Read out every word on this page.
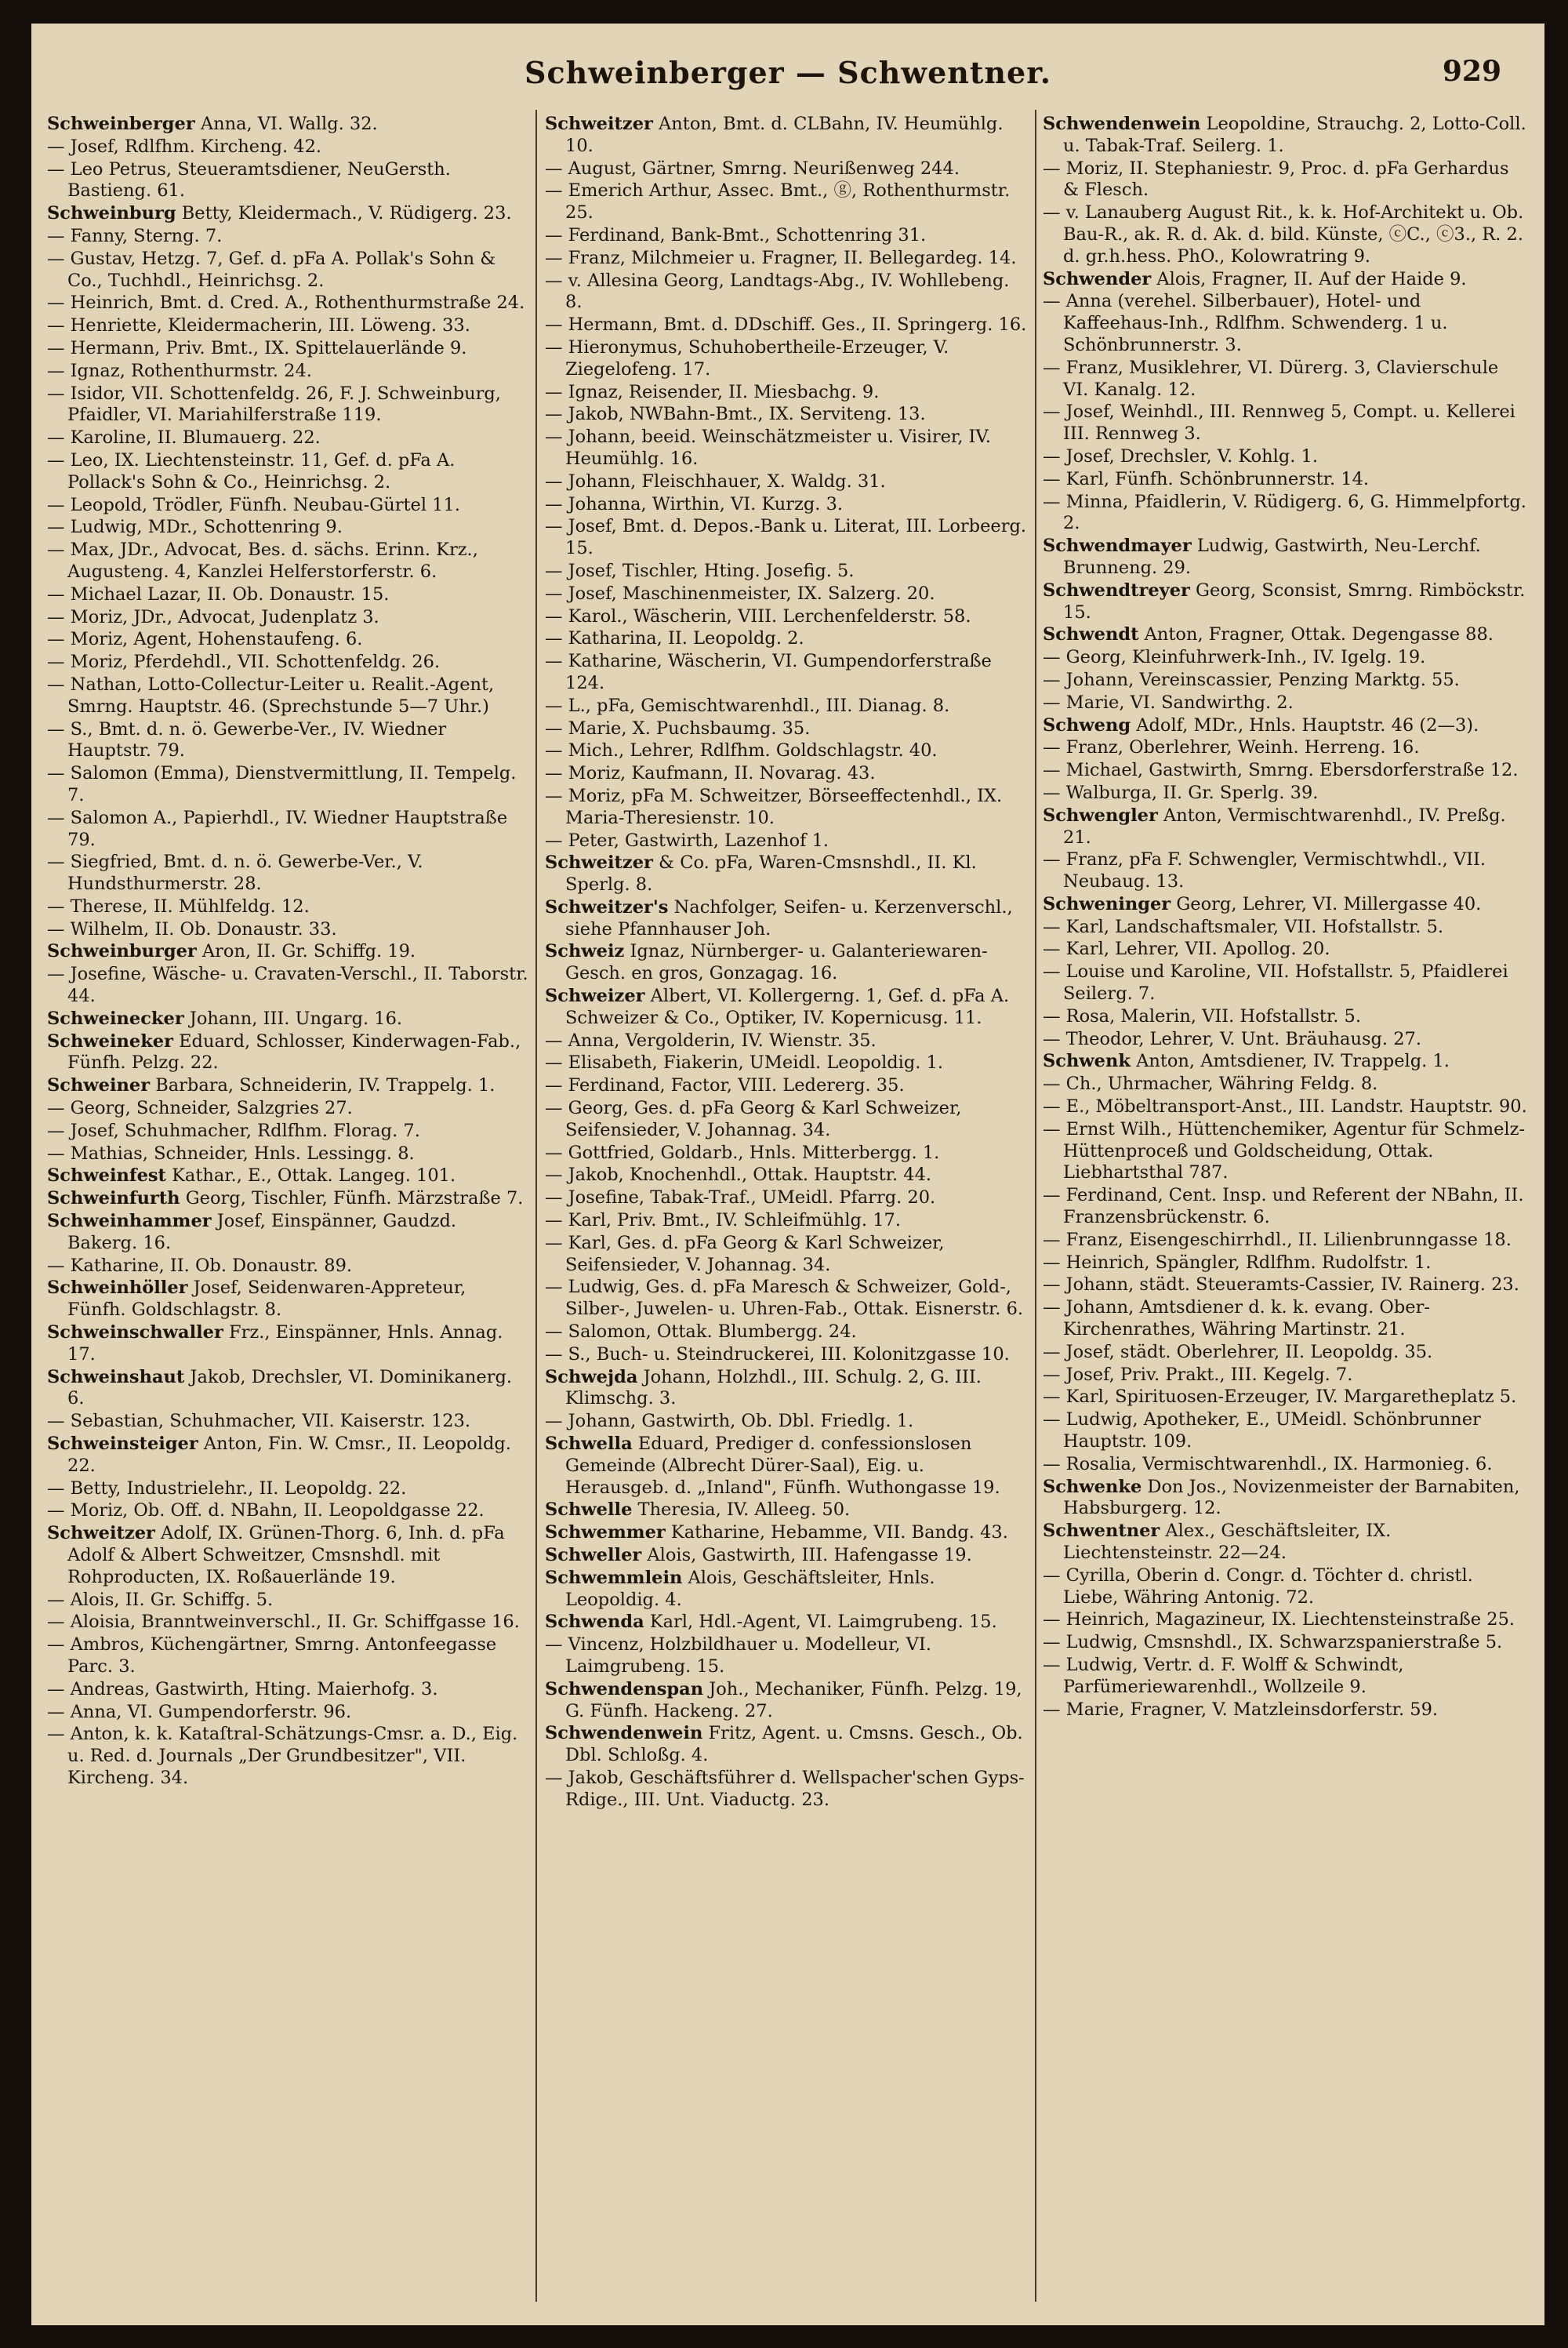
Schweinberger — Schwentner.	929
Schweinberger Anna, VI. Wallg. 32.
— Josef, Rdlfhm. Kircheng. 42.
— Leo Petrus, Steueramtsdiener, NeuGersth. Bastieng. 61.
Schweinburg Betty, Kleidermach., V. Rüdigerg. 23.
— Fanny, Sterng. 7.
— Gustav, Hetzg. 7, Gef. d. pFa A. Pollak's Sohn & Co., Tuchhdl., Heinrichsg. 2.
— Heinrich, Bmt. d. Cred. A., Rothenthurmstraße 24.
— Henriette, Kleidermacherin, III. Löweng. 33.
— Hermann, Priv. Bmt., IX. Spittelauerlände 9.
— Ignaz, Rothenthurmstr. 24.
— Isidor, VII. Schottenfeldg. 26, F. J. Schweinburg, Pfaidler, VI. Mariahilferstraße 119.
— Karoline, II. Blumauerg. 22.
— Leo, IX. Liechtensteinstr. 11, Gef. d. pFa A. Pollack's Sohn & Co., Heinrichsg. 2.
— Leopold, Trödler, Fünfh. Neubau-Gürtel 11.
— Ludwig, MDr., Schottenring 9.
— Max, JDr., Advocat, Bes. d. sächs. Erinn. Krz., Augusteng. 4, Kanzlei Helferstorferstr. 6.
— Michael Lazar, II. Ob. Donaustr. 15.
— Moriz, JDr., Advocat, Judenplatz 3.
— Moriz, Agent, Hohenstaufeng. 6.
— Moriz, Pferdehdl., VII. Schottenfeldg. 26.
— Nathan, Lotto-Collectur-Leiter u. Realit.-Agent, Smrng. Hauptstr. 46. (Sprechstunde 5—7 Uhr.)
— S., Bmt. d. n. ö. Gewerbe-Ver., IV. Wiedner Hauptstr. 79.
— Salomon (Emma), Dienstvermittlung, II. Tempelg. 7.
— Salomon A., Papierhdl., IV. Wiedner Hauptstraße 79.
— Siegfried, Bmt. d. n. ö. Gewerbe-Ver., V. Hundsthurmerstr. 28.
— Therese, II. Mühlfeldg. 12.
— Wilhelm, II. Ob. Donaustr. 33.
Schweinburger Aron, II. Gr. Schiffg. 19.
— Josefine, Wäsche- u. Cravaten-Verschl., II. Taborstr. 44.
Schweinecker Johann, III. Ungarg. 16.
Schweineker Eduard, Schlosser, Kinderwagen-Fab., Fünfh. Pelzg. 22.
Schweiner Barbara, Schneiderin, IV. Trappelg. 1.
— Georg, Schneider, Salzgries 27.
— Josef, Schuhmacher, Rdlfhm. Florag. 7.
— Mathias, Schneider, Hnls. Lessingg. 8.
Schweinfest Kathar., E., Ottak. Langeg. 101.
Schweinfurth Georg, Tischler, Fünfh. Märzstraße 7.
Schweinhammer Josef, Einspänner, Gaudzd. Bakerg. 16.
— Katharine, II. Ob. Donaustr. 89.
Schweinhöller Josef, Seidenwaren-Appreteur, Fünfh. Goldschlagstr. 8.
Schweinschwaller Frz., Einspänner, Hnls. Annag. 17.
Schweinshaut Jakob, Drechsler, VI. Dominikanerg. 6.
— Sebastian, Schuhmacher, VII. Kaiserstr. 123.
Schweinsteiger Anton, Fin. W. Cmsr., II. Leopoldg. 22.
— Betty, Industrielehr., II. Leopoldg. 22.
— Moriz, Ob. Off. d. NBahn, II. Leopoldgasse 22.
Schweitzer Adolf, IX. Grünen-Thorg. 6, Inh. d. pFa Adolf & Albert Schweitzer, Cmsnshdl. mit Rohproducten, IX. Roßauerlände 19.
— Alois, II. Gr. Schiffg. 5.
— Aloisia, Branntweinverschl., II. Gr. Schiffgasse 16.
— Ambros, Küchengärtner, Smrng. Antonfeegasse Parc. 3.
— Andreas, Gastwirth, Hting. Maierhofg. 3.
— Anna, VI. Gumpendorferstr. 96.
— Anton, k. k. Kataſtral-Schätzungs-Cmsr. a. D., Eig. u. Red. d. Journals „Der Grundbesitzer", VII. Kircheng. 34.
Schweitzer Anton, Bmt. d. CLBahn, IV. Heumühlg. 10.
— August, Gärtner, Smrng. Neurißenweg 244.
— Emerich Arthur, Assec. Bmt., ⓖ, Rothenthurmstr. 25.
— Ferdinand, Bank-Bmt., Schottenring 31.
— Franz, Milchmeier u. Fragner, II. Bellegardeg. 14.
— v. Allesina Georg, Landtags-Abg., IV. Wohllebeng. 8.
— Hermann, Bmt. d. DDschiff. Ges., II. Springerg. 16.
— Hieronymus, Schuhobertheile-Erzeuger, V. Ziegelofeng. 17.
— Ignaz, Reisender, II. Miesbachg. 9.
— Jakob, NWBahn-Bmt., IX. Serviteng. 13.
— Johann, beeid. Weinschätzmeister u. Visirer, IV. Heumühlg. 16.
— Johann, Fleischhauer, X. Waldg. 31.
— Johanna, Wirthin, VI. Kurzg. 3.
— Josef, Bmt. d. Depos.-Bank u. Literat, III. Lorbeerg. 15.
— Josef, Tischler, Hting. Josefig. 5.
— Josef, Maschinenmeister, IX. Salzerg. 20.
— Karol., Wäscherin, VIII. Lerchenfelderstr. 58.
— Katharina, II. Leopoldg. 2.
— Katharine, Wäscherin, VI. Gumpendorferstraße 124.
— L., pFa, Gemischtwarenhdl., III. Dianag. 8.
— Marie, X. Puchsbaumg. 35.
— Mich., Lehrer, Rdlfhm. Goldschlagstr. 40.
— Moriz, Kaufmann, II. Novarag. 43.
— Moriz, pFa M. Schweitzer, Börseeffectenhdl., IX. Maria-Theresienstr. 10.
— Peter, Gastwirth, Lazenhof 1.
Schweitzer & Co. pFa, Waren-Cmsnshdl., II. Kl. Sperlg. 8.
Schweitzer's Nachfolger, Seifen- u. Kerzenverschl., siehe Pfannhauser Joh.
Schweiz Ignaz, Nürnberger- u. Galanteriewaren-Gesch. en gros, Gonzagag. 16.
Schweizer Albert, VI. Kollergerng. 1, Gef. d. pFa A. Schweizer & Co., Optiker, IV. Kopernicusg. 11.
— Anna, Vergolderin, IV. Wienstr. 35.
— Elisabeth, Fiakerin, UMeidl. Leopoldig. 1.
— Ferdinand, Factor, VIII. Ledererg. 35.
— Georg, Ges. d. pFa Georg & Karl Schweizer, Seifensieder, V. Johannag. 34.
— Gottfried, Goldarb., Hnls. Mitterbergg. 1.
— Jakob, Knochenhdl., Ottak. Hauptstr. 44.
— Josefine, Tabak-Traf., UMeidl. Pfarrg. 20.
— Karl, Priv. Bmt., IV. Schleifmühlg. 17.
— Karl, Ges. d. pFa Georg & Karl Schweizer, Seifensieder, V. Johannag. 34.
— Ludwig, Ges. d. pFa Maresch & Schweizer, Gold-, Silber-, Juwelen- u. Uhren-Fab., Ottak. Eisnerstr. 6.
— Salomon, Ottak. Blumbergg. 24.
— S., Buch- u. Steindruckerei, III. Kolonitzgasse 10.
Schwejda Johann, Holzhdl., III. Schulg. 2, G. III. Klimschg. 3.
— Johann, Gastwirth, Ob. Dbl. Friedlg. 1.
Schwella Eduard, Prediger d. confessionslosen Gemeinde (Albrecht Dürer-Saal), Eig. u. Herausgeb. d. „Inland", Fünfh. Wuthongasse 19.
Schwelle Theresia, IV. Alleeg. 50.
Schwemmer Katharine, Hebamme, VII. Bandg. 43.
Schweller Alois, Gastwirth, III. Hafengasse 19.
Schwemmlein Alois, Geschäftsleiter, Hnls. Leopoldig. 4.
Schwenda Karl, Hdl.-Agent, VI. Laimgrubeng. 15.
— Vincenz, Holzbildhauer u. Modelleur, VI. Laimgrubeng. 15.
Schwendenspan Joh., Mechaniker, Fünfh. Pelzg. 19, G. Fünfh. Hackeng. 27.
Schwendenwein Fritz, Agent. u. Cmsns. Gesch., Ob. Dbl. Schloßg. 4.
— Jakob, Geschäftsführer d. Wellspacher'schen Gyps-Rdige., III. Unt. Viaductg. 23.
Schwendenwein Leopoldine, Strauchg. 2, Lotto-Coll. u. Tabak-Traf. Seilerg. 1.
— Moriz, II. Stephaniestr. 9, Proc. d. pFa Gerhardus & Flesch.
— v. Lanauberg August Rit., k. k. Hof-Architekt u. Ob. Bau-R., ak. R. d. Ak. d. bild. Künste, ⓒC., ⓒ3., R. 2. d. gr.h.hess. PhO., Kolowratring 9.
Schwender Alois, Fragner, II. Auf der Haide 9.
— Anna (verehel. Silberbauer), Hotel- und Kaffeehaus-Inh., Rdlfhm. Schwenderg. 1 u. Schönbrunnerstr. 3.
— Franz, Musiklehrer, VI. Dürerg. 3, Clavierschule VI. Kanalg. 12.
— Josef, Weinhdl., III. Rennweg 5, Compt. u. Kellerei III. Rennweg 3.
— Josef, Drechsler, V. Kohlg. 1.
— Karl, Fünfh. Schönbrunnerstr. 14.
— Minna, Pfaidlerin, V. Rüdigerg. 6, G. Himmelpfortg. 2.
Schwendmayer Ludwig, Gastwirth, Neu-Lerchf. Brunneng. 29.
Schwendtreyer Georg, Sconsist, Smrng. Rimböckstr. 15.
Schwendt Anton, Fragner, Ottak. Degengasse 88.
— Georg, Kleinfuhrwerk-Inh., IV. Igelg. 19.
— Johann, Vereinscassier, Penzing Marktg. 55.
— Marie, VI. Sandwirthg. 2.
Schweng Adolf, MDr., Hnls. Hauptstr. 46 (2—3).
— Franz, Oberlehrer, Weinh. Herreng. 16.
— Michael, Gastwirth, Smrng. Ebersdorferstraße 12.
— Walburga, II. Gr. Sperlg. 39.
Schwengler Anton, Vermischtwarenhdl., IV. Preßg. 21.
— Franz, pFa F. Schwengler, Vermischtwhdl., VII. Neubaug. 13.
Schweninger Georg, Lehrer, VI. Millergasse 40.
— Karl, Landschaftsmaler, VII. Hofstallstr. 5.
— Karl, Lehrer, VII. Apollog. 20.
— Louise und Karoline, VII. Hofstallstr. 5, Pfaidlerei Seilerg. 7.
— Rosa, Malerin, VII. Hofstallstr. 5.
— Theodor, Lehrer, V. Unt. Bräuhausg. 27.
Schwenk Anton, Amtsdiener, IV. Trappelg. 1.
— Ch., Uhrmacher, Währing Feldg. 8.
— E., Möbeltransport-Anst., III. Landstr. Hauptstr. 90.
— Ernst Wilh., Hüttenchemiker, Agentur für Schmelz-Hüttenproceß und Goldscheidung, Ottak. Liebhartsthal 787.
— Ferdinand, Cent. Insp. und Referent der NBahn, II. Franzensbrückenstr. 6.
— Franz, Eisengeschirrhdl., II. Lilienbrunngasse 18.
— Heinrich, Spängler, Rdlfhm. Rudolfstr. 1.
— Johann, städt. Steueramts-Cassier, IV. Rainerg. 23.
— Johann, Amtsdiener d. k. k. evang. Ober-Kirchenrathes, Währing Martinstr. 21.
— Josef, städt. Oberlehrer, II. Leopoldg. 35.
— Josef, Priv. Prakt., III. Kegelg. 7.
— Karl, Spirituosen-Erzeuger, IV. Margaretheplatz 5.
— Ludwig, Apotheker, E., UMeidl. Schönbrunner Hauptstr. 109.
— Rosalia, Vermischtwarenhdl., IX. Harmonieg. 6.
Schwenke Don Jos., Novizenmeister der Barnabiten, Habsburgerg. 12.
Schwentner Alex., Geschäftsleiter, IX. Liechtensteinstr. 22—24.
— Cyrilla, Oberin d. Congr. d. Töchter d. christl. Liebe, Währing Antonig. 72.
— Heinrich, Magazineur, IX. Liechtensteinstraße 25.
— Ludwig, Cmsnshdl., IX. Schwarzspanierstraße 5.
— Ludwig, Vertr. d. F. Wolff & Schwindt, Parfümeriewarenhdl., Wollzeile 9.
— Marie, Fragner, V. Matzleinsdorferstr. 59.
